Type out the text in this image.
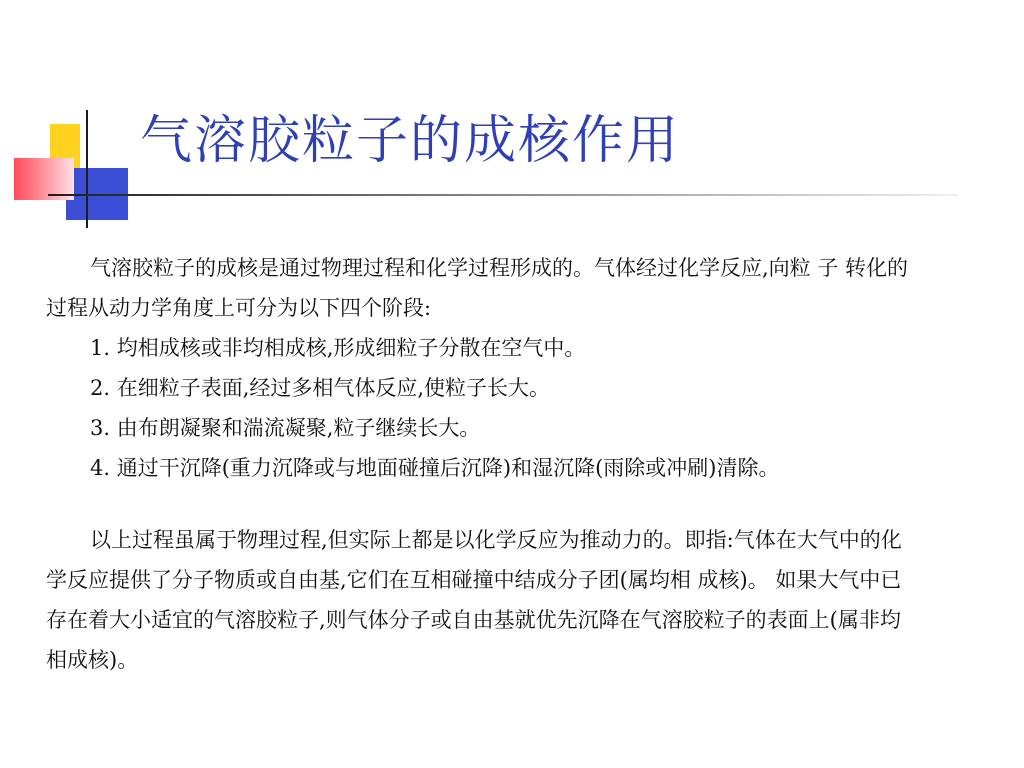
气溶胶粒子的成核作用

气溶胶粒子的成核是通过物理过程和化学过程形成的。气体经过化学反应,向粒 子 转化的

过程从动力学角度上可分为以下四个阶段:

1. 均相成核或非均相成核,形成细粒子分散在空气中。

2. 在细粒子表面,经过多相气体反应,使粒子长大。

3. 由布朗凝聚和湍流凝聚,粒子继续长大。

4. 通过干沉降(重力沉降或与地面碰撞后沉降)和湿沉降(雨除或冲刷)清除。

以上过程虽属于物理过程,但实际上都是以化学反应为推动力的。即指:气体在大气中的化

学反应提供了分子物质或自由基,它们在互相碰撞中结成分子团(属均相 成核)。 如果大气中已

存在着大小适宜的气溶胶粒子,则气体分子或自由基就优先沉降在气溶胶粒子的表面上(属非均

相成核)。
